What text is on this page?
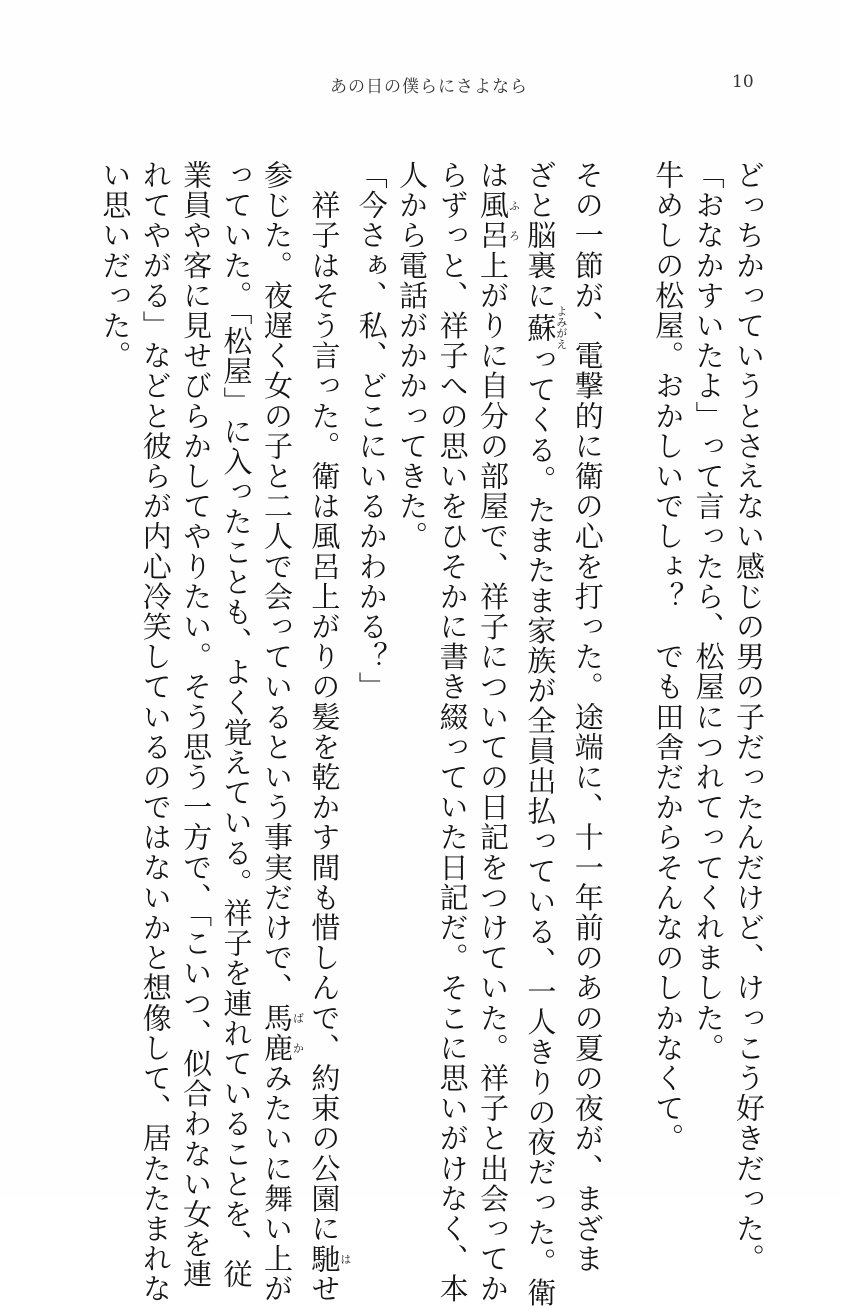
あの日の僕らにさよなら	10
どっちかっていうとさえない感じの男の子だったんだけど、けっこう好きだった。
「おなかすいたよ」って言ったら、松屋につれてってくれました。
牛めしの松屋。おかしいでしょ？　でも田舎だからそんなのしかなくて。
その一節が、電撃的に衛の心を打った。途端に、十一年前のあの夏の夜が、まざま
ざと脳裏に蘇よみがえってくる。たまたま家族が全員出払っている、一人きりの夜だった。衛
は風呂ふろ上がりに自分の部屋で、祥子についての日記をつけていた。祥子と出会ってか
らずっと、祥子への思いをひそかに書き綴っていた日記だ。そこに思いがけなく、本
人から電話がかかってきた。
「今さぁ、私、どこにいるかわかる？」
　祥子はそう言った。衛は風呂上がりの髪を乾かす間も惜しんで、約束の公園に馳はせ
参じた。夜遅く女の子と二人で会っているという事実だけで、馬鹿ばかみたいに舞い上が
っていた。「松屋」に入ったことも、よく覚えている。祥子を連れていることを、従
業員や客に見せびらかしてやりたい。そう思う一方で、「こいつ、似合わない女を連
れてやがる」などと彼らが内心冷笑しているのではないかと想像して、居たたまれな
い思いだった。
